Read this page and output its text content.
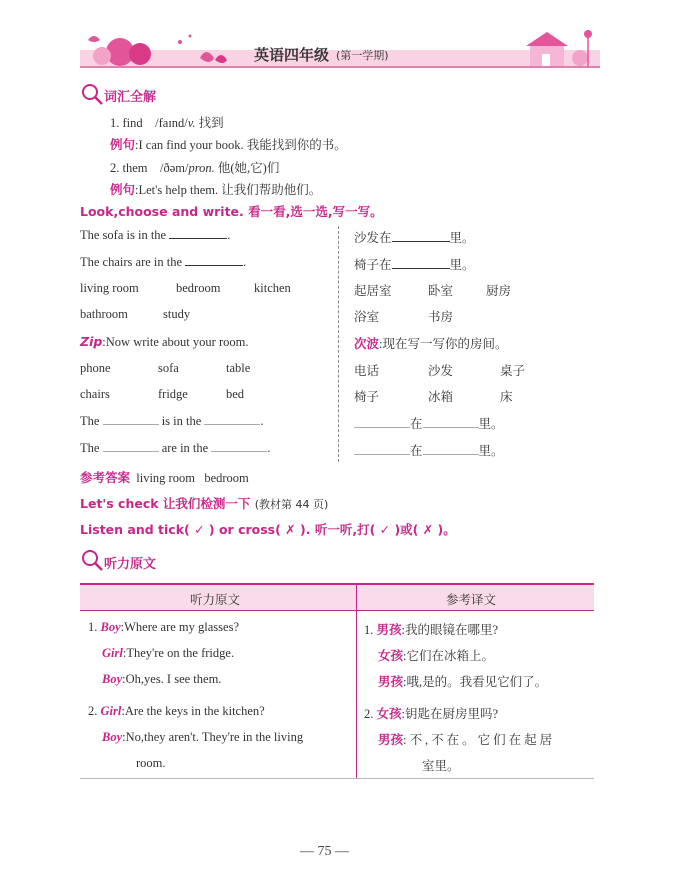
英语四年级 (第一学期)
词汇全解
1. find /faɪnd/v. 找到
例句:I can find your book. 我能找到你的书。
2. them /ðəm/pron. 他(她,它)们
例句:Let's help them. 让我们帮助他们。
Look,choose and write. 看一看,选一选,写一写。
The sofa is in the	.
The chairs are in the	.
living room	bedroom	kitchen
bathroom	study
Zip:Now write about your room.
phone	sofa	table
chairs	fridge	bed
The	is in the	.
The	are in the	.
沙发在	里。
椅子在	里。
起居室	卧室	厨房
浴室	书房
次波:现在写一写你的房间。
电话	沙发	桌子
椅子	冰箱	床
在	里。
在	里。
参考答案 living room   bedroom
Let's check 让我们检测一下 (教材第 44 页)
Listen and tick( ✓ ) or cross( ✗ ). 听一听,打( ✓ )或( ✗ )。
听力原文
听力原文	参考译文
1. Boy:Where are my glasses?
Girl:They're on the fridge.
Boy:Oh,yes. I see them.
2. Girl:Are the keys in the kitchen?
Boy:No,they aren't. They're in the living
room.
1. 男孩:我的眼镜在哪里?
女孩:它们在冰箱上。
男孩:哦,是的。我看见它们了。
2. 女孩:钥匙在厨房里吗?
男孩:不,不在。它们在起居
室里。
— 75 —
